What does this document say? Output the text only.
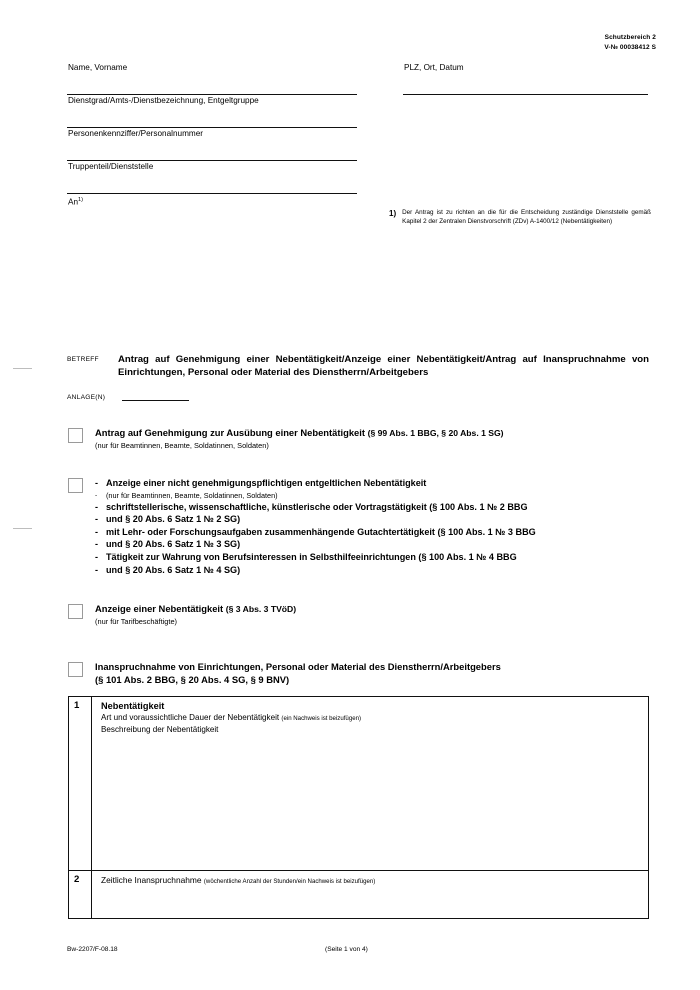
Schutzbereich 2
V-№ 00038412 S
Name, Vorname
Dienstgrad/Amts-/Dienstbezeichnung, Entgeltgruppe
Personenkennziffer/Personalnummer
Truppenteil/Dienststelle
An$^{1)}$
PLZ, Ort, Datum
1) Der Antrag ist zu richten an die für die Entscheidung zuständige Dienststelle gemäß Kapitel 2 der Zentralen Dienstvorschrift (ZDv) A-1400/12 (Nebentätigkeiten)
BETREFF	Antrag auf Genehmigung einer Nebentätigkeit/Anzeige einer Nebentätigkeit/Antrag auf Inanspruchnahme von Einrichtungen, Personal oder Material des Dienstherrn/Arbeitgebers
ANLAGE(N)
Antrag auf Genehmigung zur Ausübung einer Nebentätigkeit (§ 99 Abs. 1 BBG, § 20 Abs. 1 SG)
(nur für Beamtinnen, Beamte, Soldatinnen, Soldaten)
- Anzeige einer nicht genehmigungspflichtigen entgeltlichen Nebentätigkeit
-	(nur für Beamtinnen, Beamte, Soldatinnen, Soldaten)
- schriftstellerische, wissenschaftliche, künstlerische oder Vortragstätigkeit (§ 100 Abs. 1 № 2 BBG
- und § 20 Abs. 6 Satz 1 № 2 SG)
- mit Lehr- oder Forschungsaufgaben zusammenhängende Gutachtertätigkeit (§ 100 Abs. 1 № 3 BBG
- und § 20 Abs. 6 Satz 1 № 3 SG)
- Tätigkeit zur Wahrung von Berufsinteressen in Selbsthilfeeinrichtungen (§ 100 Abs. 1 № 4 BBG
- und § 20 Abs. 6 Satz 1 № 4 SG)
Anzeige einer Nebentätigkeit (§ 3 Abs. 3 TVöD)
(nur für Tarifbeschäftigte)
Inanspruchnahme von Einrichtungen, Personal oder Material des Dienstherrn/Arbeitgebers
(§ 101 Abs. 2 BBG, § 20 Abs. 4 SG, § 9 BNV)
1	Nebentätigkeit
Art und voraussichtliche Dauer der Nebentätigkeit (ein Nachweis ist beizufügen)
Beschreibung der Nebentätigkeit
2	Zeitliche Inanspruchnahme (wöchentliche Anzahl der Stunden/ein Nachweis ist beizufügen)
Bw-2207/F-08.18	(Seite 1 von 4)
